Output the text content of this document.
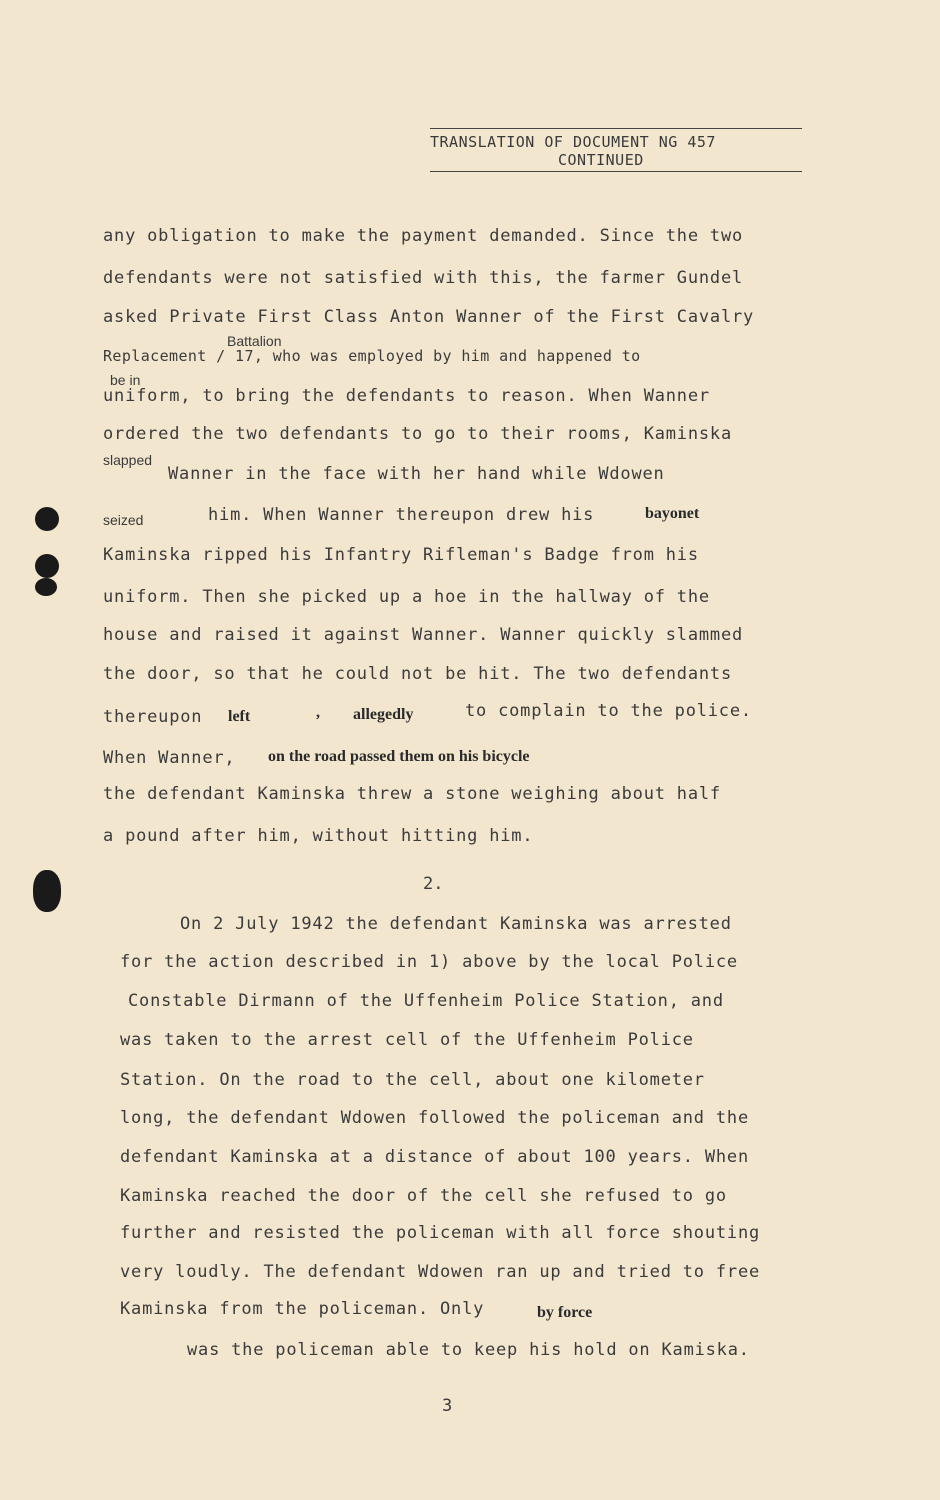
TRANSLATION OF DOCUMENT NG 457
CONTINUED
any obligation to make the payment demanded. Since the two
defendants were not satisfied with this, the farmer Gundel
asked Private First Class Anton Wanner of the First Cavalry
Battalion
Replacement / 17, who was employed by him and happened to
be in
uniform, to bring the defendants to reason. When Wanner
ordered the two defendants to go to their rooms, Kaminska
slapped
Wanner in the face with her hand while Wdowen
seized	him. When Wanner thereupon drew his	bayonet
Kaminska ripped his Infantry Rifleman's Badge from his
uniform. Then she picked up a hoe in the hallway of the
house and raised it against Wanner. Wanner quickly slammed
the door, so that he could not be hit. The two defendants
thereupon left	, allegedly	to complain to the police.
When Wanner, on the road passed them on his bicycle
the defendant Kaminska threw a stone weighing about half
a pound after him, without hitting him.
2.
On 2 July 1942 the defendant Kaminska was arrested
for the action described in 1) above by the local Police
Constable Dirmann of the Uffenheim Police Station, and
was taken to the arrest cell of the Uffenheim Police
Station. On the road to the cell, about one kilometer
long, the defendant Wdowen followed the policeman and the
defendant Kaminska at a distance of about 100 years. When
Kaminska reached the door of the cell she refused to go
further and resisted the policeman with all force shouting
very loudly. The defendant Wdowen ran up and tried to free
Kaminska from the policeman. Only	by force
was the policeman able to keep his hold on Kamiska.
3
